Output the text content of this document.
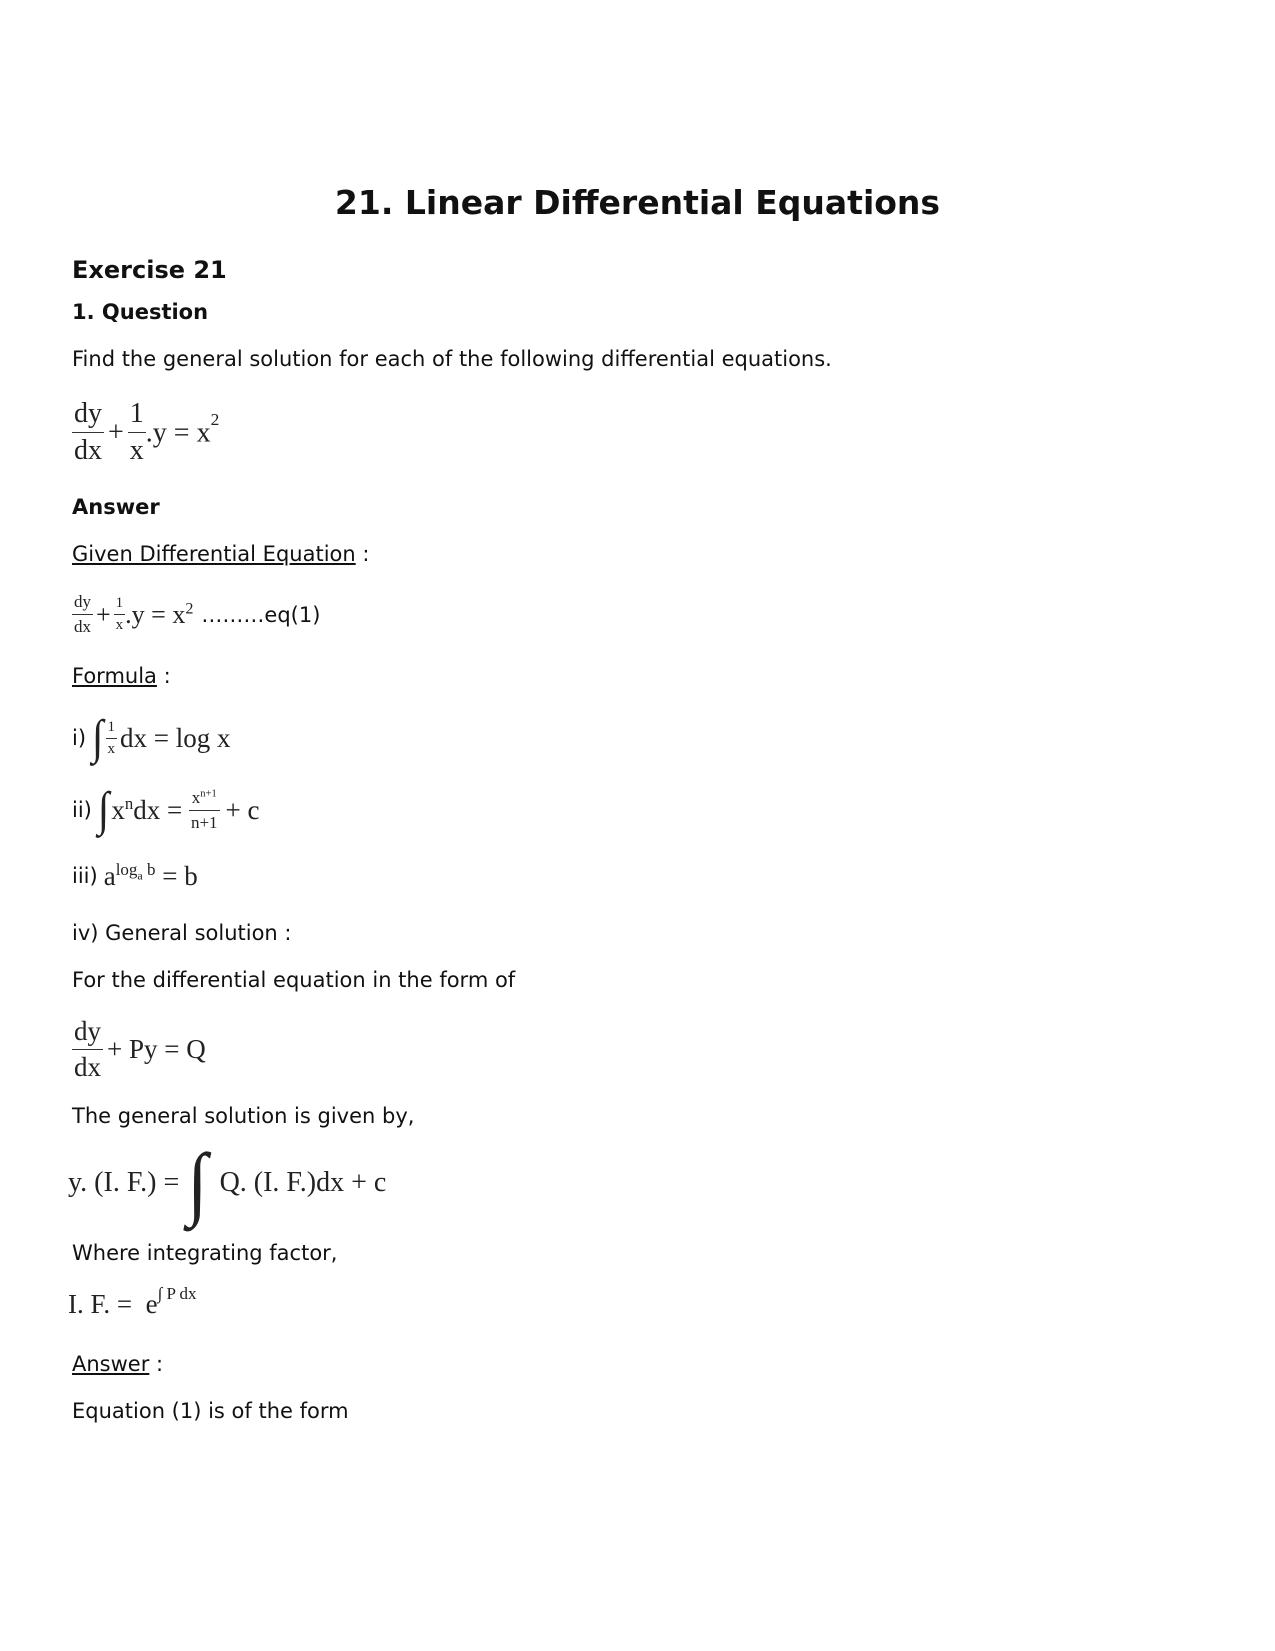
21. Linear Differential Equations
Exercise 21
1. Question
Find the general solution for each of the following differential equations.
$\frac{dy}{dx} + \frac{1}{x} .y = x^2$
Answer
Given Differential Equation :
$\frac{dy}{dx} + \frac{1}{x} .y = x^2$ ………eq(1)
Formula :
i) ∫ $\frac{1}{x}$ dx = log x
ii) ∫ $x^ndx = \frac{x^{n+1}}{n+1} + c$
iii) $a^{log_a b} = b$
iv) General solution :
For the differential equation in the form of
$\frac{dy}{dx} + Py = Q$
The general solution is given by,
y. (I. F.) = ∫ Q. (I. F.)dx + c
Where integrating factor,
I. F. =  $e^{\int P dx}$
Answer :
Equation (1) is of the form
